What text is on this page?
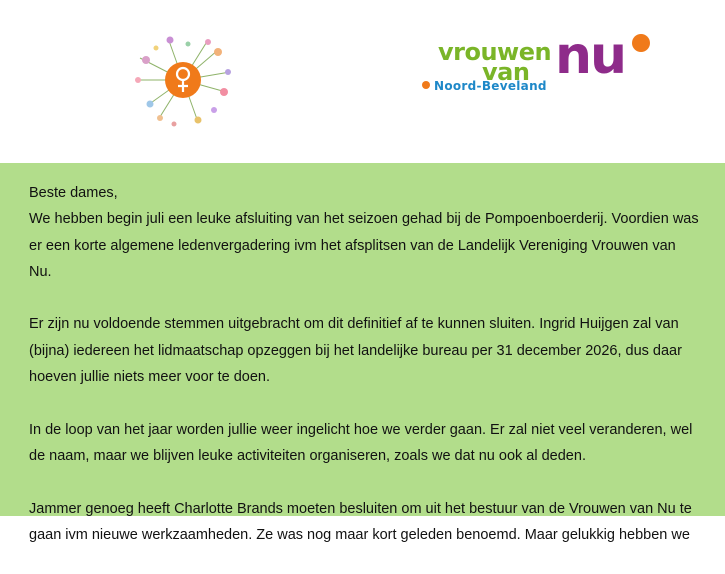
vrouwen
van nu
Noord-Beveland

Beste dames,

We hebben begin juli een leuke afsluiting van het seizoen gehad bij de Pompoenboerderij. Voordien was er een korte algemene ledenvergadering ivm het afsplitsen van de Landelijk Vereniging Vrouwen van Nu.

Er zijn nu voldoende stemmen uitgebracht om dit definitief af te kunnen sluiten. Ingrid Huijgen zal van (bijna) iedereen het lidmaatschap opzeggen bij het landelijke bureau per 31 december 2026, dus daar hoeven jullie niets meer voor te doen.

In de loop van het jaar worden jullie weer ingelicht hoe we verder gaan. Er zal niet veel veranderen, wel de naam, maar we blijven leuke activiteiten organiseren, zoals we dat nu ook al deden.

Jammer genoeg heeft Charlotte Brands moeten besluiten om uit het bestuur van de Vrouwen van Nu te gaan ivm nieuwe werkzaamheden. Ze was nog maar kort geleden benoemd. Maar gelukkig hebben we
